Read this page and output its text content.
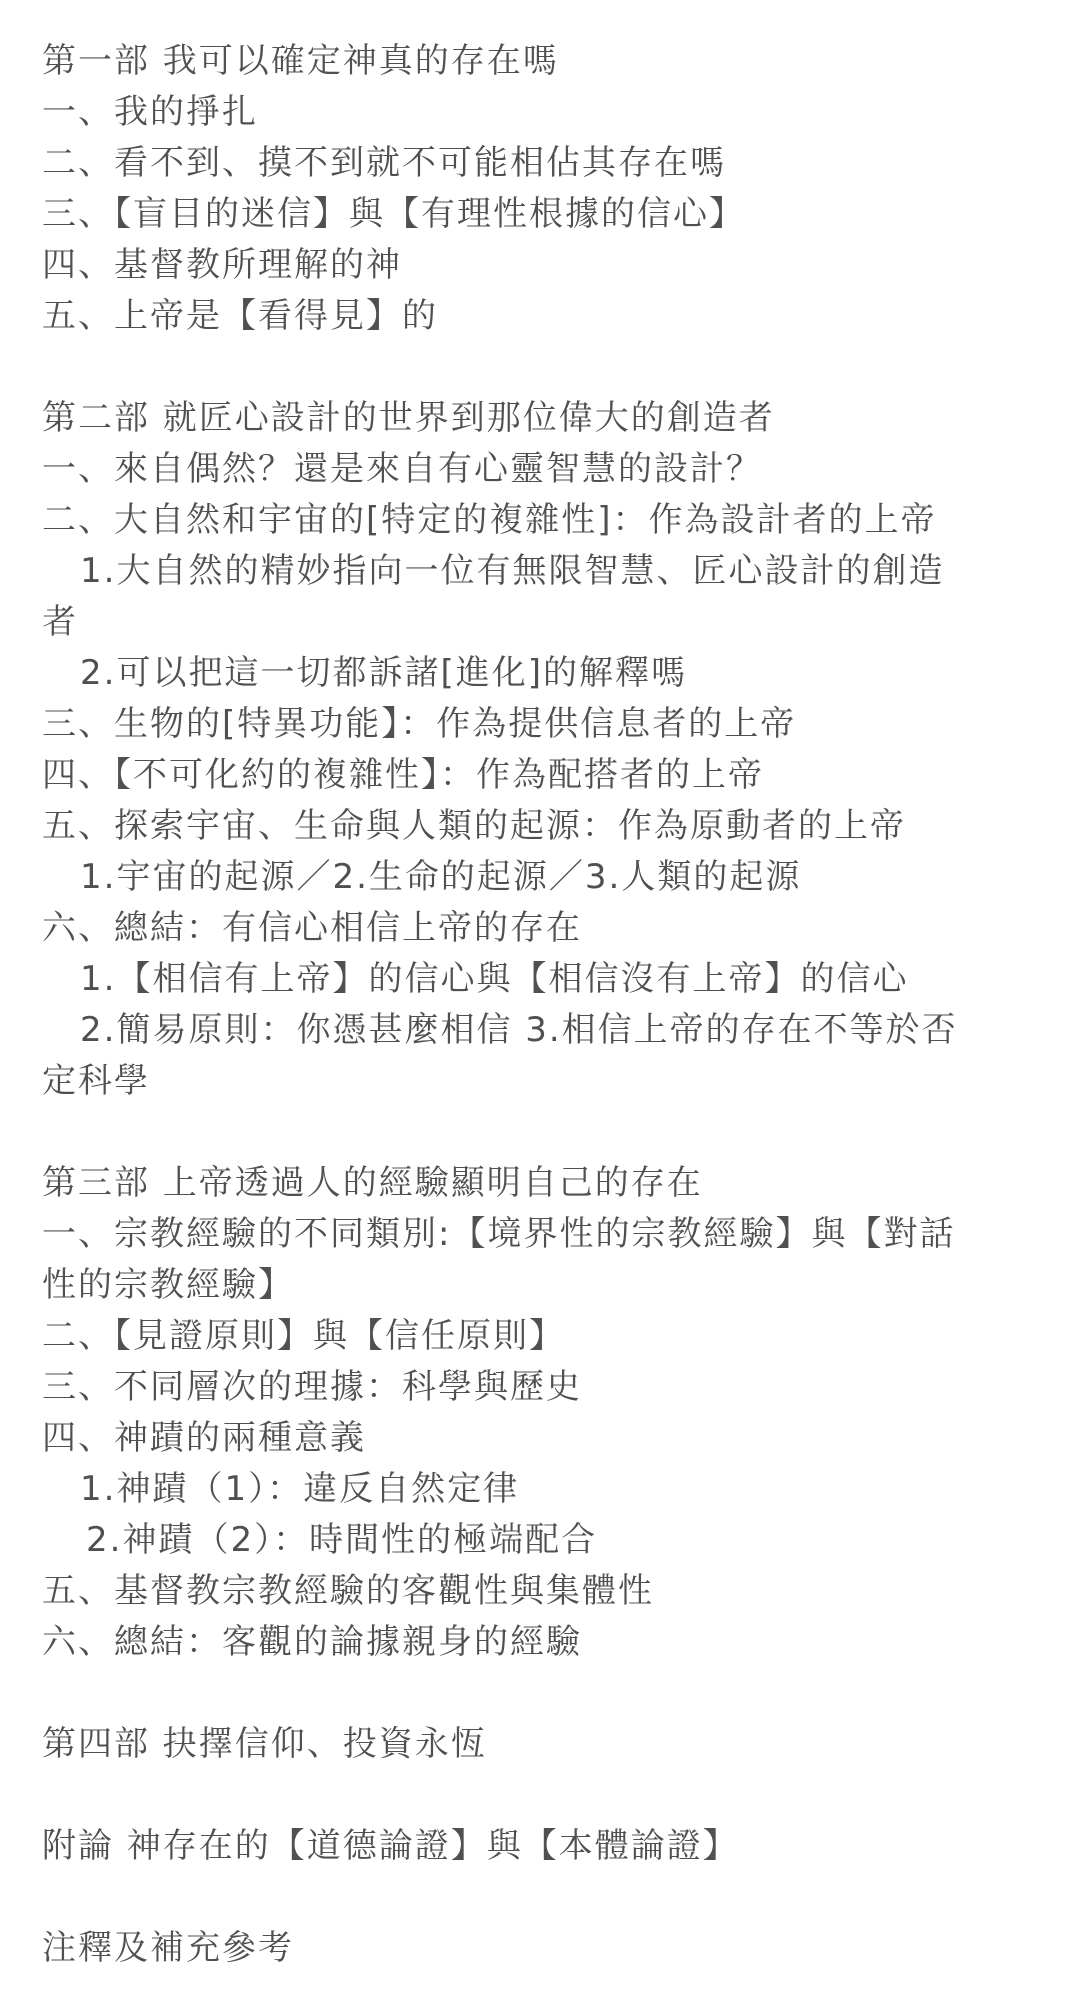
第一部 我可以確定神真的存在嗎
一、我的掙扎
二、看不到、摸不到就不可能相佔其存在嗎
三、【盲目的迷信】與【有理性根據的信心】
四、基督教所理解的神
五、上帝是【看得見】的
第二部 就匠心設計的世界到那位偉大的創造者
一、來自偶然？還是來自有心靈智慧的設計？
二、大自然和宇宙的[特定的複雜性]：作為設計者的上帝
1.大自然的精妙指向一位有無限智慧、匠心設計的創造
者
2.可以把這一切都訴諸[進化]的解釋嗎
三、生物的[特異功能】：作為提供信息者的上帝
四、【不可化約的複雜性】：作為配搭者的上帝
五、探索宇宙、生命與人類的起源：作為原動者的上帝
1.宇宙的起源／2.生命的起源／3.人類的起源
六、總結：有信心相信上帝的存在
1.【相信有上帝】的信心與【相信沒有上帝】的信心
2.簡易原則：你憑甚麼相信 3.相信上帝的存在不等於否
定科學
第三部 上帝透過人的經驗顯明自己的存在
一、宗教經驗的不同類別:【境界性的宗教經驗】與【對話
性的宗教經驗】
二、【見證原則】與【信任原則】
三、不同層次的理據：科學與歷史
四、神蹟的兩種意義
1.神蹟（1）：違反自然定律
2.神蹟（2）：時間性的極端配合
五、基督教宗教經驗的客觀性與集體性
六、總結：客觀的論據親身的經驗
第四部 抉擇信仰、投資永恆
附論 神存在的【道德論證】與【本體論證】
注釋及補充參考
